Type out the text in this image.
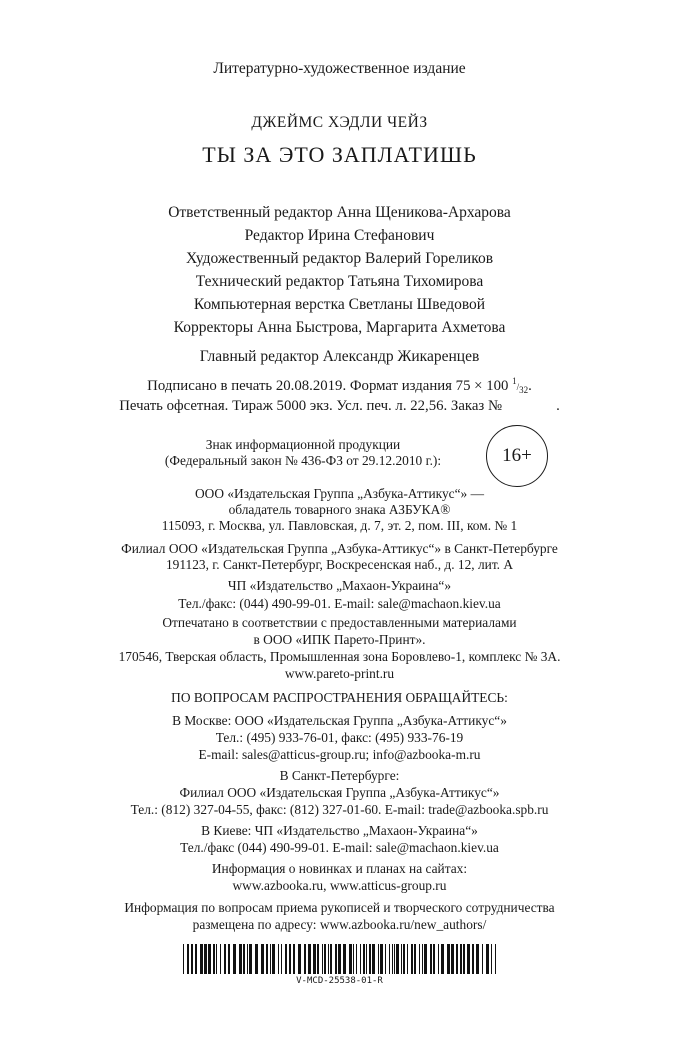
Литературно-художественное издание
ДЖЕЙМС ХЭДЛИ ЧЕЙЗ
ТЫ ЗА ЭТО ЗАПЛАТИШЬ
Ответственный редактор Анна Щеникова-Архарова
Редактор Ирина Стефанович
Художественный редактор Валерий Гореликов
Технический редактор Татьяна Тихомирова
Компьютерная верстка Светланы Шведовой
Корректоры Анна Быстрова, Маргарита Ахметова
Главный редактор Александр Жикаренцев
Подписано в печать 20.08.2019. Формат издания 75 × 100 1/32.
Печать офсетная. Тираж 5000 экз. Усл. печ. л. 22,56. Заказ №	.
Знак информационной продукции
(Федеральный закон № 436-ФЗ от 29.12.2010 г.):	16+
ООО «Издательская Группа „Азбука-Аттикус“» —
обладатель товарного знака АЗБУКА®
115093, г. Москва, ул. Павловская, д. 7, эт. 2, пом. III, ком. № 1
Филиал ООО «Издательская Группа „Азбука-Аттикус“» в Санкт-Петербурге
191123, г. Санкт-Петербург, Воскресенская наб., д. 12, лит. А
ЧП «Издательство „Махаон-Украина“»
Тел./факс: (044) 490-99-01. E-mail: sale@machaon.kiev.ua
Отпечатано в соответствии с предоставленными материалами
в ООО «ИПК Парето-Принт».
170546, Тверская область, Промышленная зона Боровлево-1, комплекс № 3А.
www.pareto-print.ru
ПО ВОПРОСАМ РАСПРОСТРАНЕНИЯ ОБРАЩАЙТЕСЬ:
В Москве: ООО «Издательская Группа „Азбука-Аттикус“»
Тел.: (495) 933-76-01, факс: (495) 933-76-19
E-mail: sales@atticus-group.ru; info@azbooka-m.ru
В Санкт-Петербурге:
Филиал ООО «Издательская Группа „Азбука-Аттикус“»
Тел.: (812) 327-04-55, факс: (812) 327-01-60. E-mail: trade@azbooka.spb.ru
В Киеве: ЧП «Издательство „Махаон-Украина“»
Тел./факс (044) 490-99-01. E-mail: sale@machaon.kiev.ua
Информация о новинках и планах на сайтах:
www.azbooka.ru, www.atticus-group.ru
Информация по вопросам приема рукописей и творческого сотрудничества
размещена по адресу: www.azbooka.ru/new_authors/
V-MCD-25538-01-R
